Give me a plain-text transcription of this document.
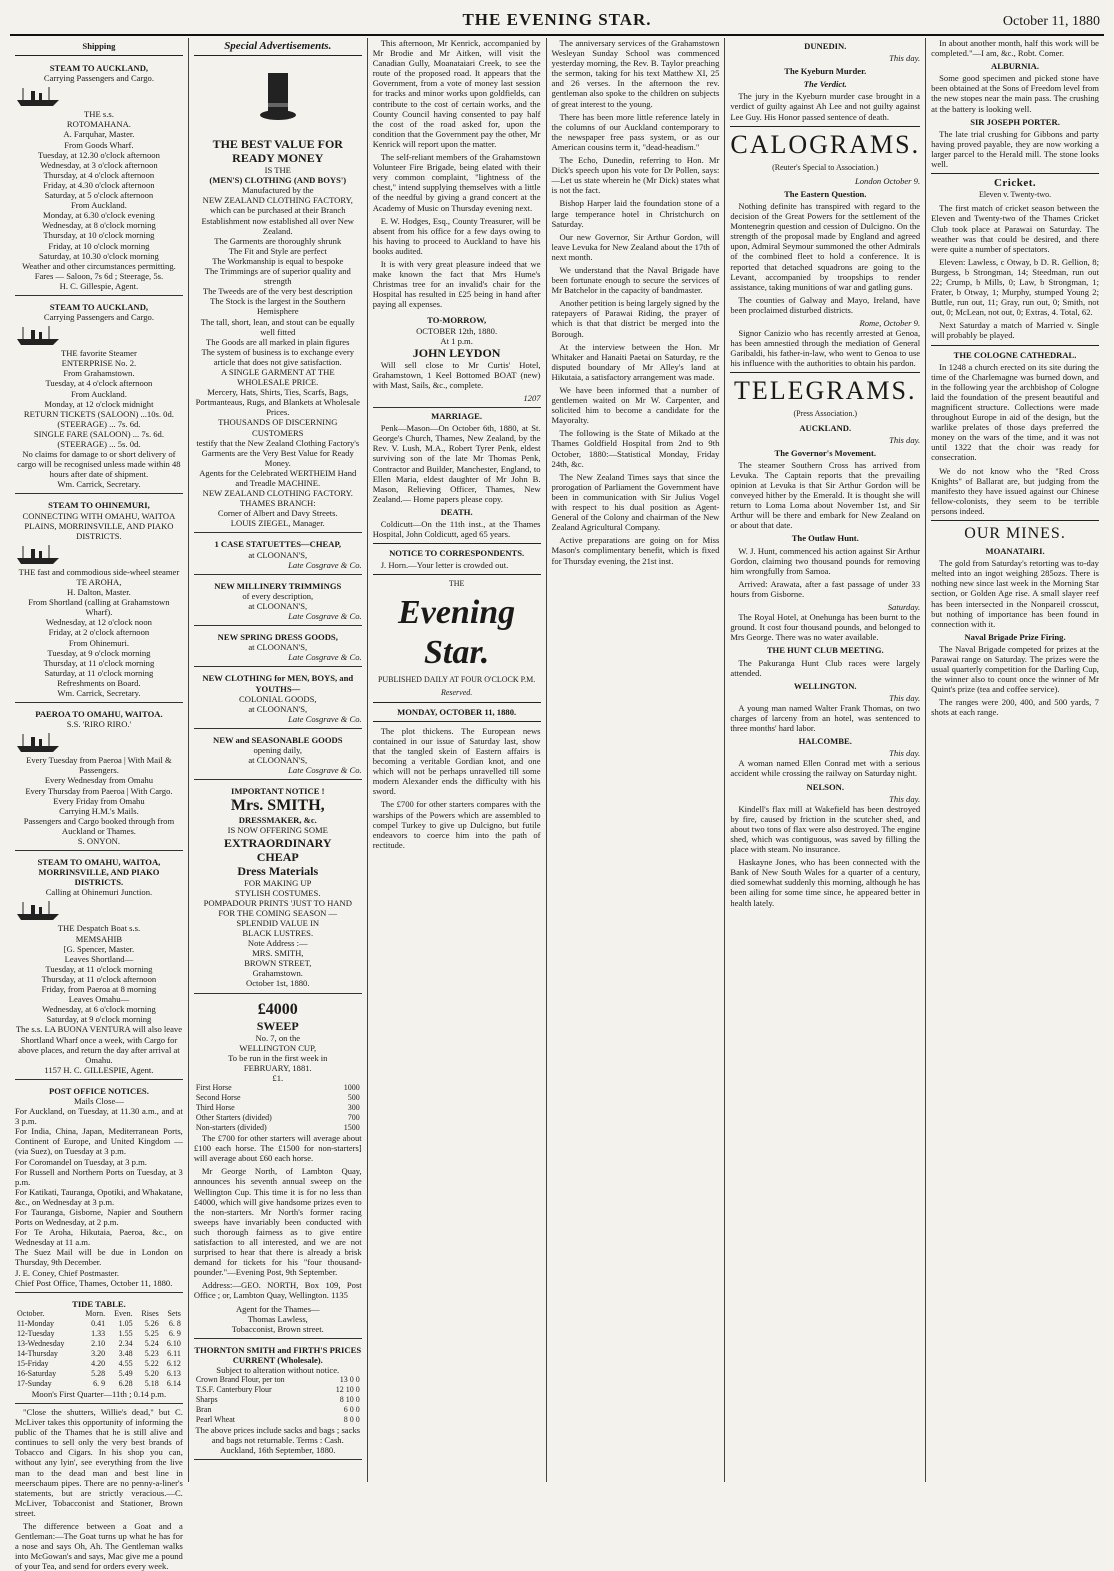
THE EVENING STAR.	October 11, 1880
Shipping
STEAM TO AUCKLAND,
Carrying Passengers and Cargo.
THE s.s.
ROTOMAHANA.
A. Farquhar, Master.
From Goods Wharf.
Tuesday, at 12.30 o'clock afternoon
Wednesday, at 3 o'clock afternoon
Thursday, at 4 o'clock afternoon
Friday, at 4.30 o'clock afternoon
Saturday, at 5 o'clock afternoon
From Auckland.
Monday, at 6.30 o'clock evening
Wednesday, at 8 o'clock morning
Thursday, at 10 o'clock morning
Friday, at 10 o'clock morning
Saturday, at 10.30 o'clock morning
Weather and other circumstances permitting.
Fares — Saloon, 7s 6d ; Steerage, 5s.
H. C. Gillespie, Agent.
STEAM TO AUCKLAND,
Carrying Passengers and Cargo.
THE favorite Steamer
ENTERPRISE No. 2.
From Grahamstown.
Tuesday, at 4 o'clock afternoon
From Auckland.
Monday, at 12 o'clock midnight
RETURN TICKETS (SALOON) ...10s. 0d.
(STEERAGE) ... 7s. 6d.
SINGLE FARE (SALOON) ... 7s. 6d.
(STEERAGE) ... 5s. 0d.
No claims for damage to or short delivery of cargo will be recognised unless made within 48 hours after date of shipment.
Wm. Carrick, Secretary.
STEAM TO OHINEMURI,
CONNECTING WITH OMAHU, WAITOA PLAINS, MORRINSVILLE, AND PIAKO DISTRICTS.
THE fast and commodious side-wheel steamer
TE AROHA,
H. Dalton, Master.
From Shortland (calling at Grahamstown Wharf).
Wednesday, at 12 o'clock noon
Friday, at 2 o'clock afternoon
From Ohinemuri.
Tuesday, at 9 o'clock morning
Thursday, at 11 o'clock morning
Saturday, at 11 o'clock morning
Refreshments on Board.
Wm. Carrick, Secretary.
PAEROA TO OMAHU, WAITOA.
S.S. 'RIRO RIRO.'
Every Tuesday from Paeroa | With Mail & Passengers.
Every Wednesday from Omahu
Every Thursday from Paeroa | With Cargo.
Every Friday from Omahu
Carrying H.M.'s Mails.
Passengers and Cargo booked through from Auckland or Thames.
S. ONYON.
STEAM TO OMAHU, WAITOA, MORRINSVILLE, AND PIAKO DISTRICTS.
Calling at Ohinemuri Junction.
THE Despatch Boat s.s.
MEMSAHIB
[G. Spencer, Master.
Leaves Shortland—
Tuesday, at 11 o'clock morning
Thursday, at 11 o'clock afternoon
Friday, from Paeroa at 8 morning
Leaves Omahu—
Wednesday, at 6 o'clock morning
Saturday, at 9 o'clock morning
The s.s. LA BUONA VENTURA will also leave Shortland Wharf once a week, with Cargo for above places, and return the day after arrival at Omahu.
1157 H. C. GILLESPIE, Agent.
POST OFFICE NOTICES.
Mails Close—
For Auckland, on Tuesday, at 11.30 a.m., and at 3 p.m.
For India, China, Japan, Mediterranean Ports, Continent of Europe, and United Kingdom — (via Suez), on Tuesday at 3 p.m.
For Coromandel on Tuesday, at 3 p.m.
For Russell and Northern Ports on Tuesday, at 3 p.m.
For Katikati, Tauranga, Opotiki, and Whakatane, &c., on Wednesday at 3 p.m.
For Tauranga, Gisborne, Napier and Southern Ports on Wednesday, at 2 p.m.
For Te Aroha, Hikutaia, Paeroa, &c., on Wednesday at 11 a.m.
The Suez Mail will be due in London on Thursday, 9th December.
J. E. Coney, Chief Postmaster.
Chief Post Office, Thames, October 11, 1880.
TIDE TABLE.
October.	Morn.	Even.	Rises	Sets
11-Monday	0.41	1.05	5.26	6. 8
12-Tuesday	1.33	1.55	5.25	6. 9
13-Wednesday	2.10	2.34	5.24	6.10
14-Thursday	3.20	3.48	5.23	6.11
15-Friday	4.20	4.55	5.22	6.12
16-Saturday	5.28	5.49	5.20	6.13
17-Sunday	6. 9	6.28	5.18	6.14
Moon's First Quarter—11th ; 0.14 p.m.

"Close the shutters, Willie's dead," but C. McLiver takes this opportunity of informing the public of the Thames that he is still alive and continues to sell only the very best brands of Tobacco and Cigars. In his shop you can, without any lyin', see everything from the live man to the dead man and best line in meerschaum pipes. There are no penny-a-liner's statements, but are strictly veracious.—C. McLiver, Tobacconist and Stationer, Brown street.

The difference between a Goat and a Gentleman:—The Goat turns up what he has for a nose and says Oh, Ah. The Gentleman walks into McGowan's and says, Mac give me a pound of your Tea, and send for orders every week.

Special Advertisements.
THE BEST VALUE FOR READY MONEY
IS THE
(MEN'S) CLOTHING (AND BOYS')
Manufactured by the
NEW ZEALAND CLOTHING FACTORY, which can be purchased at their Branch Establishment now established all over New Zealand.
The Garments are thoroughly shrunk
The Fit and Style are perfect
The Workmanship is equal to bespoke
The Trimmings are of superior quality and strength
The Tweeds are of the very best description
The Stock is the largest in the Southern Hemisphere
The tall, short, lean, and stout can be equally well fitted
The Goods are all marked in plain figures
The system of business is to exchange every article that does not give satisfaction.
A SINGLE GARMENT AT THE WHOLESALE PRICE.
Mercery, Hats, Shirts, Ties, Scarfs, Bags, Portmanteaus, Rugs, and Blankets at Wholesale Prices.
THOUSANDS OF DISCERNING CUSTOMERS
testify that the New Zealand Clothing Factory's Garments are the Very Best Value for Ready Money.
Agents for the Celebrated WERTHEIM Hand and Treadle MACHINE.
NEW ZEALAND CLOTHING FACTORY.
THAMES BRANCH:
Corner of Albert and Davy Streets.
LOUIS ZIEGEL, Manager.
1 CASE STATUETTES—CHEAP,
at CLOONAN'S,
Late Cosgrave & Co.
NEW MILLINERY TRIMMINGS
of every description,
at CLOONAN'S,
Late Cosgrave & Co.
NEW SPRING DRESS GOODS,
at CLOONAN'S,
Late Cosgrave & Co.
NEW CLOTHING for MEN, BOYS, and YOUTHS—
COLONIAL GOODS,
at CLOONAN'S,
Late Cosgrave & Co.
NEW and SEASONABLE GOODS
opening daily,
at CLOONAN'S,
Late Cosgrave & Co.
IMPORTANT NOTICE !
Mrs. SMITH,
DRESSMAKER, &c.
IS NOW OFFERING SOME
EXTRAORDINARY
CHEAP
Dress Materials
FOR MAKING UP
STYLISH COSTUMES.
POMPADOUR PRINTS 'JUST TO HAND
FOR THE COMING SEASON —
SPLENDID VALUE IN
BLACK LUSTRES.
Note Address :—
MRS. SMITH,
BROWN STREET,
Grahamstown.
October 1st, 1880.
£4000
SWEEP
No. 7, on the
WELLINGTON CUP,
To be run in the first week in
FEBRUARY, 1881.
£1.
First Horse	1000
Second Horse	500
Third Horse	300
Other Starters (divided)	700
Non-starters (divided)	1500

The £700 for other starters will average about £100 each horse. The £1500 for non-starters] will average about £60 each horse.

Mr George North, of Lambton Quay, announces his seventh annual sweep on the Wellington Cup. This time it is for no less than £4000, which will give handsome prizes even to the non-starters. Mr North's former racing sweeps have invariably been conducted with such thorough fairness as to give entire satisfaction to all interested, and we are not surprised to hear that there is already a brisk demand for tickets for his "four thousand-pounder."—Evening Post, 9th September.

Address:—GEO. NORTH, Box 109, Post Office ; or, Lambton Quay, Wellington. 1135

Agent for the Thames—
Thomas Lawless,
Tobacconist, Brown street.
THORNTON SMITH and FIRTH'S PRICES CURRENT (Wholesale).
Subject to alteration without notice.
Crown Brand Flour, per ton	13 0 0
T.S.F. Canterbury Flour	12 10 0
Sharps	8 10 0
Bran	6 0 0
Pearl Wheat	8 0 0
The above prices include sacks and bags ; sacks and bags not returnable. Terms : Cash. Auckland, 16th September, 1880.

This afternoon, Mr Kenrick, accompanied by Mr Brodie and Mr Aitken, will visit the Canadian Gully, Moanataiari Creek, to see the route of the proposed road. It appears that the Government, from a vote of money last session for tracks and minor works upon goldfields, can contribute to the cost of certain works, and the County Council having consented to pay half the cost of the road asked for, upon the condition that the Government pay the other, Mr Kenrick will report upon the matter.

The self-reliant members of the Grahamstown Volunteer Fire Brigade, being elated with their very common complaint, "lightness of the chest," intend supplying themselves with a little of the needful by giving a grand concert at the Academy of Music on Thursday evening next.

E. W. Hodges, Esq., County Treasurer, will be absent from his office for a few days owing to his having to proceed to Auckland to have his books audited.

It is with very great pleasure indeed that we make known the fact that Mrs Hume's Christmas tree for an invalid's chair for the Hospital has resulted in £25 being in hand after paying all expenses.

TO-MORROW,
OCTOBER 12th, 1880.
At 1 p.m.
JOHN LEYDON

Will sell close to Mr Curtis' Hotel, Grahamstown, 1 Keel Bottomed BOAT (new) with Mast, Sails, &c., complete.

1207
MARRIAGE.

Penk—Mason—On October 6th, 1880, at St. George's Church, Thames, New Zealand, by the Rev. V. Lush, M.A., Robert Tyrer Penk, eldest surviving son of the late Mr Thomas Penk, Contractor and Builder, Manchester, England, to Ellen Maria, eldest daughter of Mr John B. Mason, Relieving Officer, Thames, New Zealand.— Home papers please copy.

DEATH.

Coldicutt—On the 11th inst., at the Thames Hospital, John Coldicutt, aged 65 years.

NOTICE TO CORRESPONDENTS.

J. Horn.—Your letter is crowded out.

THE
Evening Star.
PUBLISHED DAILY AT FOUR O'CLOCK P.M.
Reserved.
MONDAY, OCTOBER 11, 1880.

The plot thickens. The European news contained in our issue of Saturday last, show that the tangled skein of Eastern affairs is becoming a veritable Gordian knot, and one which will not be perhaps unravelled till some modern Alexander ends the difficulty with his sword.

The £700 for other starters compares with the warships of the Powers which are assembled to compel Turkey to give up Dulcigno, but futile endeavors to coerce him into the path of rectitude.

The anniversary services of the Grahamstown Wesleyan Sunday School was commenced yesterday morning, the Rev. B. Taylor preaching the sermon, taking for his text Matthew XI, 25 and 26 verses. In the afternoon the rev. gentleman also spoke to the children on subjects of great interest to the young.

There has been more little reference lately in the columns of our Auckland contemporary to the newspaper free pass system, or as our American cousins term it, "dead-headism."

The Echo, Dunedin, referring to Hon. Mr Dick's speech upon his vote for Dr Pollen, says:—Let us state wherein he (Mr Dick) states what is not the fact.

Bishop Harper laid the foundation stone of a large temperance hotel in Christchurch on Saturday.

Our new Governor, Sir Arthur Gordon, will leave Levuka for New Zealand about the 17th of next month.

We understand that the Naval Brigade have been fortunate enough to secure the services of Mr Batchelor in the capacity of bandmaster.

Another petition is being largely signed by the ratepayers of Parawai Riding, the prayer of which is that that district be merged into the Borough.

At the interview between the Hon. Mr Whitaker and Hanaiti Paetai on Saturday, re the disputed boundary of Mr Alley's land at Hikutaia, a satisfactory arrangement was made.

We have been informed that a number of gentlemen waited on Mr W. Carpenter, and solicited him to become a candidate for the Mayoralty.

The following is the State of Mikado at the Thames Goldfield Hospital from 2nd to 9th October, 1880:—Statistical Monday, Friday 24th, &c.

The New Zealand Times says that since the prorogation of Parliament the Government have been in communication with Sir Julius Vogel with respect to his dual position as Agent-General of the Colony and chairman of the New Zealand Agricultural Company.

Active preparations are going on for Miss Mason's complimentary benefit, which is fixed for Thursday evening, the 21st inst.

DUNEDIN.
This day.
The Kyeburn Murder.
The Verdict.

The jury in the Kyeburn murder case brought in a verdict of guilty against Ah Lee and not guilty against Lee Guy. His Honor passed sentence of death.

CALOGRAMS.
(Reuter's Special to Association.)
London October 9.
The Eastern Question.

Nothing definite has transpired with regard to the decision of the Great Powers for the settlement of the Montenegrin question and cession of Dulcigno. On the strength of the proposal made by England and agreed upon, Admiral Seymour summoned the other Admirals of the combined fleet to hold a conference. It is reported that detached squadrons are going to the Levant, accompanied by troopships to render assistance, taking munitions of war and gatling guns.

The counties of Galway and Mayo, Ireland, have been proclaimed disturbed districts.

Rome, October 9.

Signor Canizio who has recently arrested at Genoa, has been amnestied through the mediation of General Garibaldi, his father-in-law, who went to Genoa to use his influence with the authorities to obtain his pardon.

TELEGRAMS.
(Press Association.)
AUCKLAND.
This day.
The Governor's Movement.

The steamer Southern Cross has arrived from Levuka. The Captain reports that the prevailing opinion at Levuka is that Sir Arthur Gordon will be conveyed hither by the Emerald. It is thought she will return to Loma Loma about November 1st, and Sir Arthur will be there and embark for New Zealand on or about that date.

The Outlaw Hunt.

W. J. Hunt, commenced his action against Sir Arthur Gordon, claiming two thousand pounds for removing him wrongfully from Samoa.

Arrived: Arawata, after a fast passage of under 33 hours from Gisborne.

Saturday.

The Royal Hotel, at Onehunga has been burnt to the ground. It cost four thousand pounds, and belonged to Mrs George. There was no water available.

THE HUNT CLUB MEETING.

The Pakuranga Hunt Club races were largely attended.

WELLINGTON.
This day.

A young man named Walter Frank Thomas, on two charges of larceny from an hotel, was sentenced to three months' hard labor.

HALCOMBE.
This day.

A woman named Ellen Conrad met with a serious accident while crossing the railway on Saturday night.

NELSON.
This day.

Kindell's flax mill at Wakefield has been destroyed by fire, caused by friction in the scutcher shed, and about two tons of flax were also destroyed. The engine shed, which was contiguous, was saved by filling the place with steam. No insurance.

Haskayne Jones, who has been connected with the Bank of New South Wales for a quarter of a century, died somewhat suddenly this morning, although he has been ailing for some time since, he appeared better in health lately.

In about another month, half this work will be completed."—I am, &c., Robt. Comer.

ALBURNIA.

Some good specimen and picked stone have been obtained at the Sons of Freedom level from the new stopes near the main pass. The crushing at the battery is looking well.

SIR JOSEPH PORTER.

The late trial crushing for Gibbons and party having proved payable, they are now working a larger parcel to the Herald mill. The stone looks well.

Cricket.
Eleven v. Twenty-two.

The first match of cricket season between the Eleven and Twenty-two of the Thames Cricket Club took place at Parawai on Saturday. The weather was that could be desired, and there were quite a number of spectators.

Eleven: Lawless, c Otway, b D. R. Gellion, 8; Burgess, b Strongman, 14; Steedman, run out 22; Crump, b Mills, 0; Law, b Strongman, 1; Frater, b Otway, 1; Murphy, stumped Young 2; Buttle, run out, 11; Gray, run out, 0; Smith, not out, 0; McLean, not out, 0; Extras, 4. Total, 62.

Next Saturday a match of Married v. Single will probably be played.

THE COLOGNE CATHEDRAL.

In 1248 a church erected on its site during the time of the Charlemagne was burned down, and in the following year the archbishop of Cologne laid the foundation of the present beautiful and magnificent structure. Collections were made throughout Europe in aid of the design, but the warlike prelates of those days preferred the money on the wars of the time, and it was not until 1322 that the choir was ready for consecration.

We do not know who the "Red Cross Knights" of Ballarat are, but judging from the manifesto they have issued against our Chinese fellow-colonists, they seem to be terrible persons indeed.

OUR MINES.
MOANATAIRI.

The gold from Saturday's retorting was to-day melted into an ingot weighing 285ozs. There is nothing new since last week in the Morning Star section, or Golden Age rise. A small slayer reef has been intersected in the Nonpareil crosscut, but nothing of importance has been found in connection with it.

Naval Brigade Prize Firing.

The Naval Brigade competed for prizes at the Parawai range on Saturday. The prizes were the usual quarterly competition for the Darling Cup, the winner also to count once the winner of Mr Quint's prize (tea and coffee service).

The ranges were 200, 400, and 500 yards, 7 shots at each range.
